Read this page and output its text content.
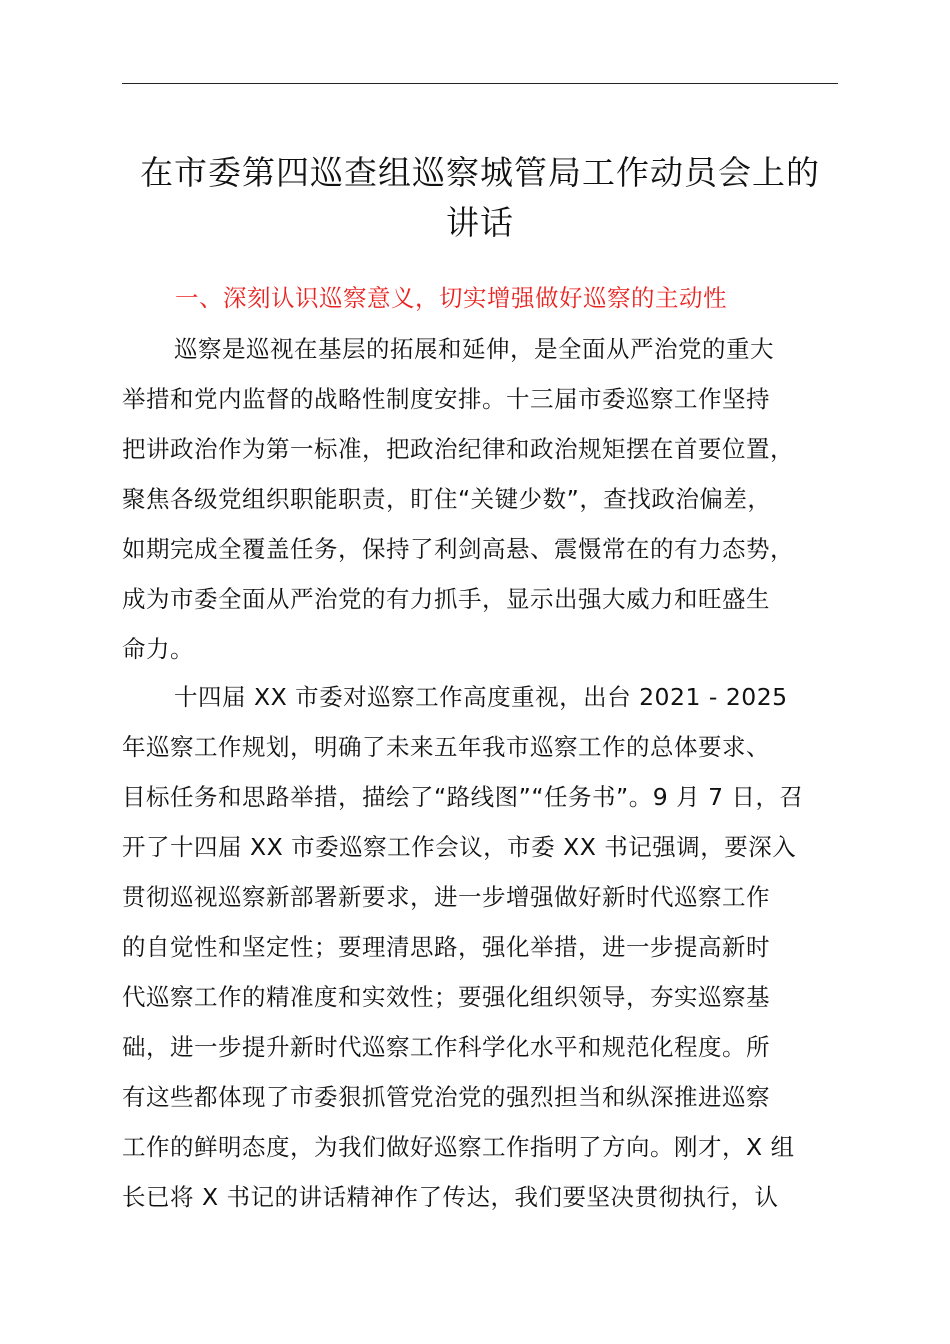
在市委第四巡查组巡察城管局工作动员会上的
讲话
一、深刻认识巡察意义，切实增强做好巡察的主动性
巡察是巡视在基层的拓展和延伸，是全面从严治党的重大
举措和党内监督的战略性制度安排。十三届市委巡察工作坚持
把讲政治作为第一标准，把政治纪律和政治规矩摆在首要位置，
聚焦各级党组织职能职责，盯住“关键少数”，查找政治偏差，
如期完成全覆盖任务，保持了利剑高悬、震慑常在的有力态势，
成为市委全面从严治党的有力抓手，显示出强大威力和旺盛生
命力。
十四届 XX 市委对巡察工作高度重视，出台 2021 - 2025
年巡察工作规划，明确了未来五年我市巡察工作的总体要求、
目标任务和思路举措，描绘了“路线图”“任务书”。9 月 7 日，召
开了十四届 XX 市委巡察工作会议，市委 XX 书记强调，要深入
贯彻巡视巡察新部署新要求，进一步增强做好新时代巡察工作
的自觉性和坚定性；要理清思路，强化举措，进一步提高新时
代巡察工作的精准度和实效性；要强化组织领导，夯实巡察基
础，进一步提升新时代巡察工作科学化水平和规范化程度。所
有这些都体现了市委狠抓管党治党的强烈担当和纵深推进巡察
工作的鲜明态度，为我们做好巡察工作指明了方向。刚才，X 组
长已将 X 书记的讲话精神作了传达，我们要坚决贯彻执行，认
